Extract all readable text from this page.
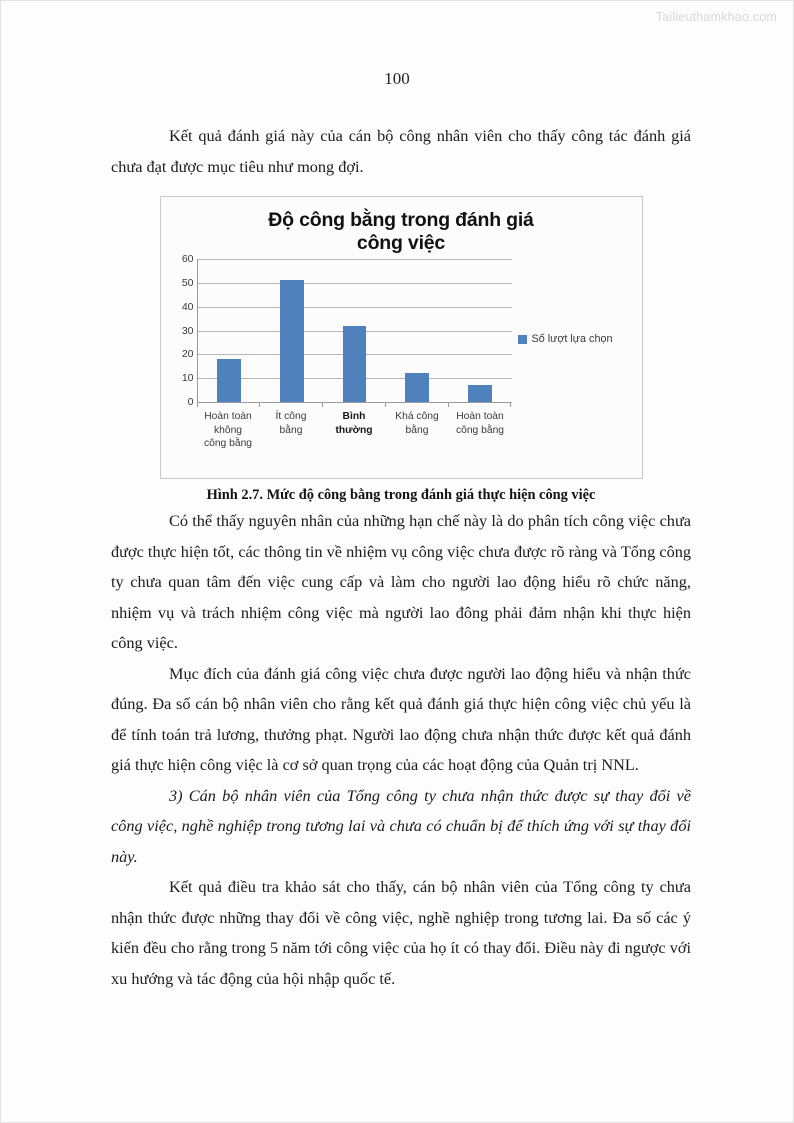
Tailieuthamkhao.com
100

Kết quả đánh giá này của cán bộ công nhân viên cho thấy công tác đánh giá chưa đạt được mục tiêu như mong đợi.

Độ công bằng trong đánh giá
công việc
0
10
20
30
40
50
60
Hoàn toàn
không
công bằng
Ít công
bằng
Bình
thường
Khá công
bằng
Hoàn toàn
công bằng
Số lượt lựa chọn
Hình 2.7. Mức độ công bằng trong đánh giá thực hiện công việc

Có thể thấy nguyên nhân của những hạn chế này là do phân tích công việc chưa được thực hiện tốt, các thông tin về nhiệm vụ công việc chưa được rõ ràng và Tổng công ty chưa quan tâm đến việc cung cấp và làm cho người lao động hiểu rõ chức năng, nhiệm vụ và trách nhiệm công việc mà người lao đông phải đảm nhận khi thực hiện công việc.

Mục đích của đánh giá công việc chưa được người lao động hiểu và nhận thức đúng. Đa số cán bộ nhân viên cho rằng kết quả đánh giá thực hiện công việc chủ yếu là để tính toán trả lương, thưởng phạt. Người lao động chưa nhận thức được kết quả đánh giá thực hiện công việc là cơ sở quan trọng của các hoạt động của Quản trị NNL.

3) Cán bộ nhân viên của Tổng công ty chưa nhận thức được sự thay đổi về công việc, nghề nghiệp trong tương lai và chưa có chuẩn bị để thích ứng với sự thay đổi này.

Kết quả điều tra khảo sát cho thấy, cán bộ nhân viên của Tổng công ty chưa nhận thức được những thay đổi về công việc, nghề nghiệp trong tương lai. Đa số các ý kiến đều cho rằng trong 5 năm tới công việc của họ ít có thay đổi. Điều này đi ngược với xu hướng và tác động của hội nhập quốc tế.
